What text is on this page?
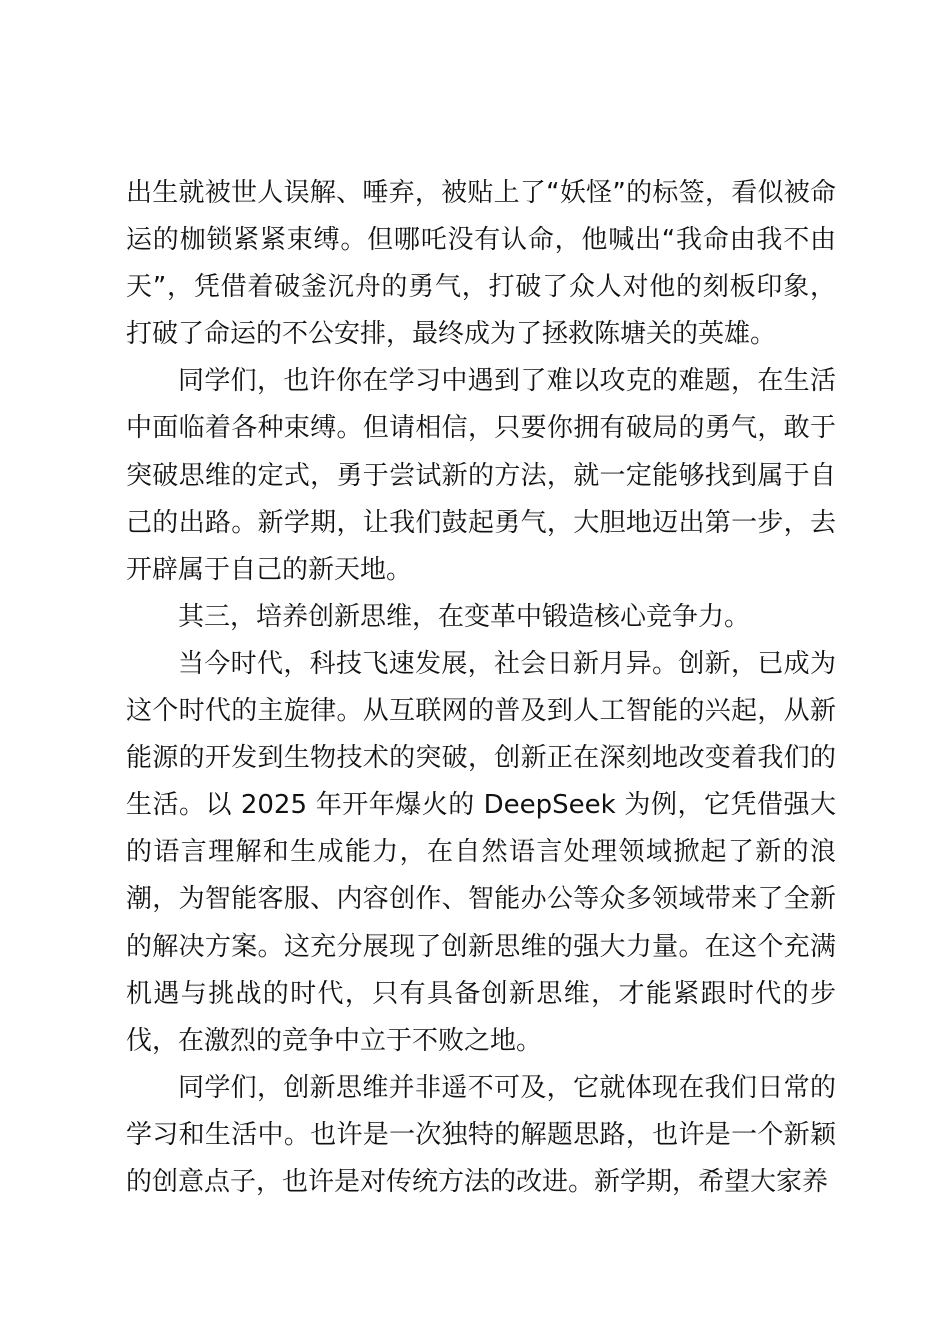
出生就被世人误解、唾弃，被贴上了“妖怪”的标签，看似被命运的枷锁紧紧束缚。但哪吒没有认命，他喊出“我命由我不由天”，凭借着破釜沉舟的勇气，打破了众人对他的刻板印象，打破了命运的不公安排，最终成为了拯救陈塘关的英雄。

同学们，也许你在学习中遇到了难以攻克的难题，在生活中面临着各种束缚。但请相信，只要你拥有破局的勇气，敢于突破思维的定式，勇于尝试新的方法，就一定能够找到属于自己的出路。新学期，让我们鼓起勇气，大胆地迈出第一步，去开辟属于自己的新天地。

其三，培养创新思维，在变革中锻造核心竞争力。

当今时代，科技飞速发展，社会日新月异。创新，已成为这个时代的主旋律。从互联网的普及到人工智能的兴起，从新能源的开发到生物技术的突破，创新正在深刻地改变着我们的生活。以 2025 年开年爆火的 DeepSeek 为例，它凭借强大的语言理解和生成能力，在自然语言处理领域掀起了新的浪潮，为智能客服、内容创作、智能办公等众多领域带来了全新的解决方案。这充分展现了创新思维的强大力量。在这个充满机遇与挑战的时代，只有具备创新思维，才能紧跟时代的步伐，在激烈的竞争中立于不败之地。

同学们，创新思维并非遥不可及，它就体现在我们日常的学习和生活中。也许是一次独特的解题思路，也许是一个新颖的创意点子，也许是对传统方法的改进。新学期，希望大家养
